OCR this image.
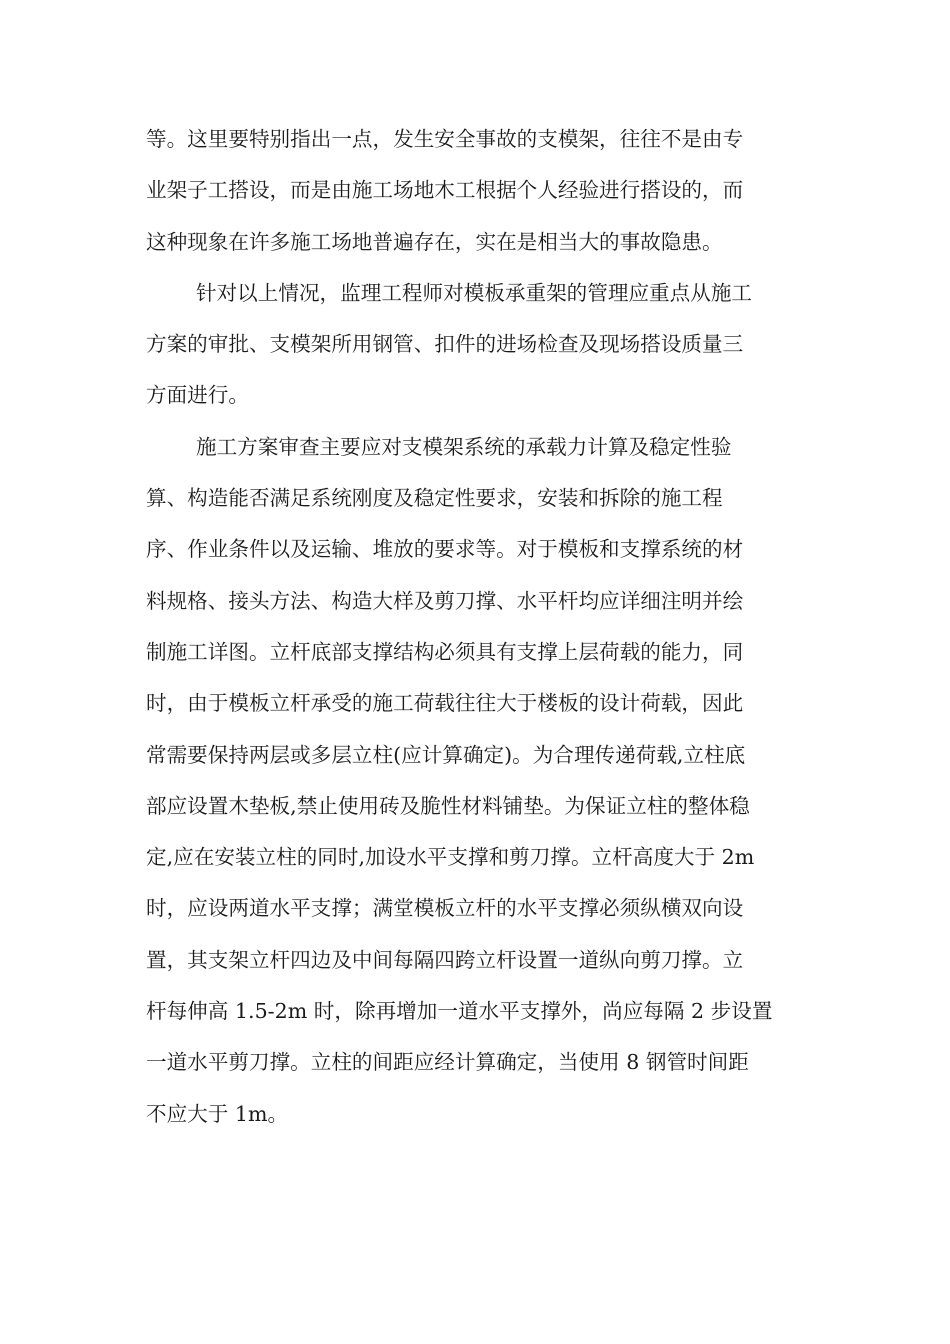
等。这里要特别指出一点，发生安全事故的支模架，往往不是由专
业架子工搭设，而是由施工场地木工根据个人经验进行搭设的，而
这种现象在许多施工场地普遍存在，实在是相当大的事故隐患。
针对以上情况，监理工程师对模板承重架的管理应重点从施工
方案的审批、支模架所用钢管、扣件的进场检查及现场搭设质量三
方面进行。
施工方案审查主要应对支模架系统的承载力计算及稳定性验
算、构造能否满足系统刚度及稳定性要求，安装和拆除的施工程
序、作业条件以及运输、堆放的要求等。对于模板和支撑系统的材
料规格、接头方法、构造大样及剪刀撑、水平杆均应详细注明并绘
制施工详图。立杆底部支撑结构必须具有支撑上层荷载的能力，同
时，由于模板立杆承受的施工荷载往往大于楼板的设计荷载，因此
常需要保持两层或多层立柱(应计算确定)。为合理传递荷载,立柱底
部应设置木垫板,禁止使用砖及脆性材料铺垫。为保证立柱的整体稳
定,应在安装立柱的同时,加设水平支撑和剪刀撑。立杆高度大于 2m
时，应设两道水平支撑；满堂模板立杆的水平支撑必须纵横双向设
置，其支架立杆四边及中间每隔四跨立杆设置一道纵向剪刀撑。立
杆每伸高 1.5-2m 时，除再增加一道水平支撑外，尚应每隔 2 步设置
一道水平剪刀撑。立柱的间距应经计算确定，当使用 8 钢管时间距
不应大于 1m。
